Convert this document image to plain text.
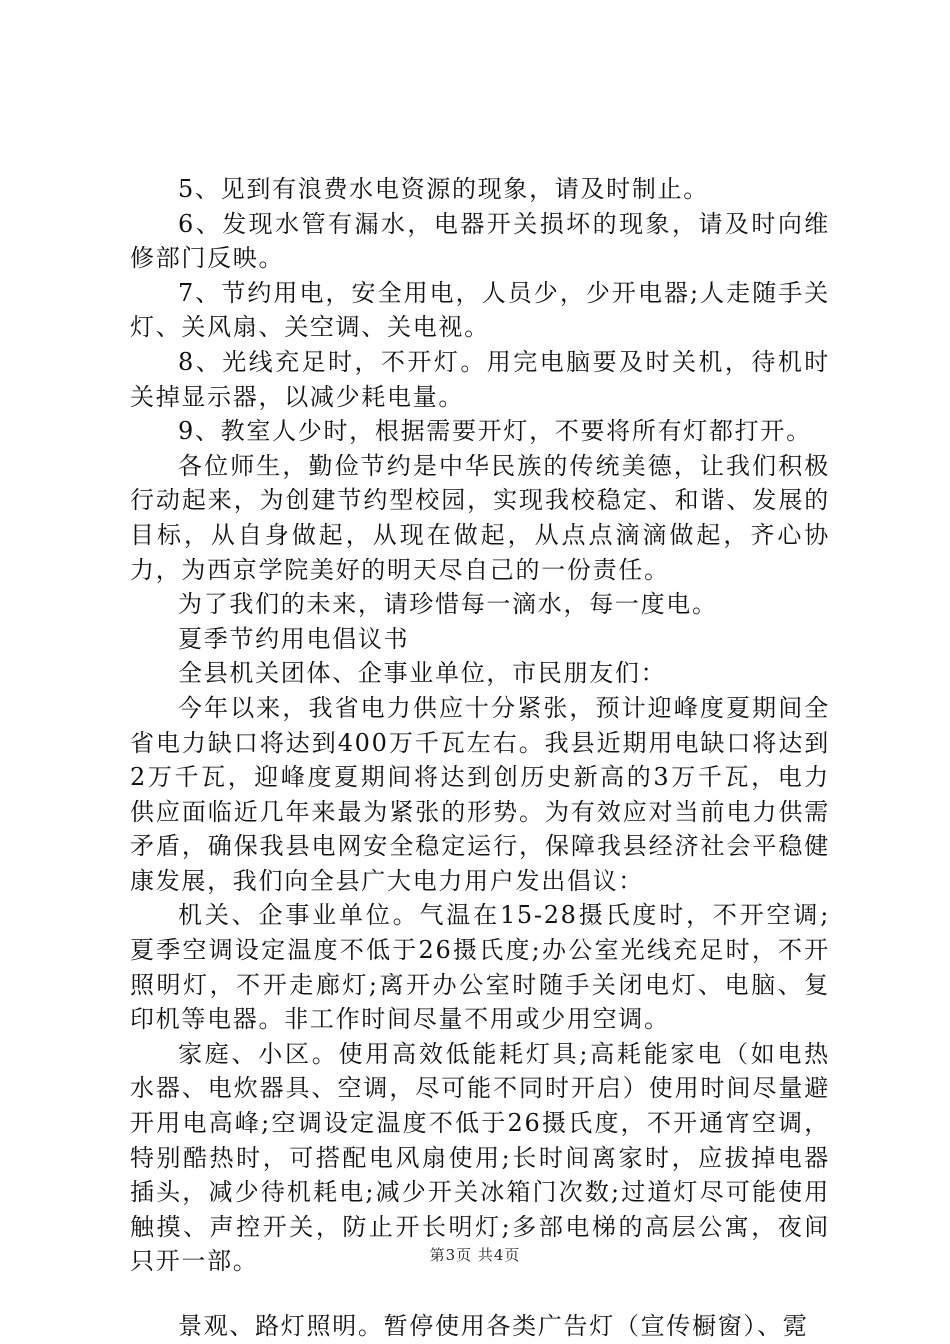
5、见到有浪费水电资源的现象，请及时制止。

6、发现水管有漏水，电器开关损坏的现象，请及时向维修部门反映。

7、节约用电，安全用电，人员少，少开电器;人走随手关灯、关风扇、关空调、关电视。

8、光线充足时，不开灯。用完电脑要及时关机，待机时关掉显示器，以减少耗电量。

9、教室人少时，根据需要开灯，不要将所有灯都打开。

各位师生，勤俭节约是中华民族的传统美德，让我们积极行动起来，为创建节约型校园，实现我校稳定、和谐、发展的目标，从自身做起，从现在做起，从点点滴滴做起，齐心协力，为西京学院美好的明天尽自己的一份责任。

为了我们的未来，请珍惜每一滴水，每一度电。

夏季节约用电倡议书

全县机关团体、企事业单位，市民朋友们：

今年以来，我省电力供应十分紧张，预计迎峰度夏期间全省电力缺口将达到400万千瓦左右。我县近期用电缺口将达到2万千瓦，迎峰度夏期间将达到创历史新高的3万千瓦，电力供应面临近几年来最为紧张的形势。为有效应对当前电力供需矛盾，确保我县电网安全稳定运行，保障我县经济社会平稳健康发展，我们向全县广大电力用户发出倡议：

机关、企事业单位。气温在15-28摄氏度时，不开空调;夏季空调设定温度不低于26摄氏度;办公室光线充足时，不开照明灯，不开走廊灯;离开办公室时随手关闭电灯、电脑、复印机等电器。非工作时间尽量不用或少用空调。

家庭、小区。使用高效低能耗灯具;高耗能家电（如电热水器、电炊器具、空调，尽可能不同时开启）使用时间尽量避开用电高峰;空调设定温度不低于26摄氏度，不开通宵空调，特别酷热时，可搭配电风扇使用;长时间离家时，应拔掉电器插头，减少待机耗电;减少开关冰箱门次数;过道灯尽可能使用触摸、声控开关，防止开长明灯;多部电梯的高层公寓，夜间只开一部。

景观、路灯照明。暂停使用各类广告灯（宣传橱窗）、霓

第3页 共4页
